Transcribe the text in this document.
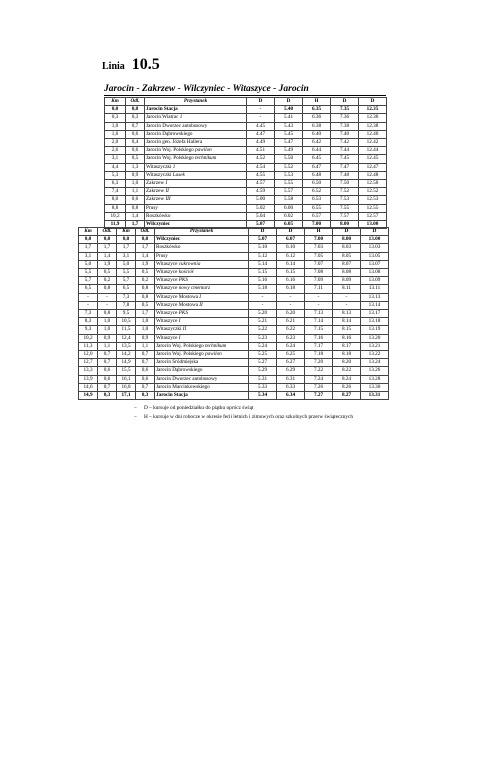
Linia 10.5
Jarocin - Zakrzew - Wilczyniec - Witaszyce - Jarocin
Km	Odl.	Przystanek	D	D	H	D	D
0,0	0,0	Jarocin Stacja	-	5.40	6.35	7.35	12.35
0,3	0,3	Jarocin Wiatrac 1	-	5.41	6.36	7.36	12.36
1,0	0,7	Jarocin Dworzec autobusowy	4.45	5.43	6.38	7.38	12.38
1,6	0,6	Jarocin Dąbrowskiego	4.47	5.45	6.40	7.40	12.40
2,0	0,4	Jarocin gen. Józefa Hallera	4.49	5.47	6.42	7.42	12.42
2,6	0,6	Jarocin Woj. Polskiego pawilon	4.51	5.49	6.44	7.44	12.44
3,1	0,5	Jarocin Woj. Polskiego technikum	4.52	5.50	6.45	7.45	12.45
4,4	1,3	Witaszyczki 1	4.54	5.52	6.47	7.47	12.47
5,3	0,9	Witaszyczki Lasek	4.55	5.53	6.48	7.48	12.48
6,3	1,0	Zakrzew I	4.57	5.55	6.50	7.50	12.50
7,4	1,1	Zakrzew II	4.59	5.57	6.52	7.52	12.52
8,0	0,6	Zakrzew III	5.00	5.58	6.53	7.53	12.53
8,8	0,8	Prusy	5.02	6.00	6.55	7.55	12.55
10,2	1,4	Roszkówko	5.04	6.02	6.57	7.57	12.57
11,9	1,7	Wilczyniec	5.07	6.05	7.00	8.00	13.00
Km	Odl.	Km	Odl.	Przystanek	D	D	H	D	D
0,0	0,0	0,0	0,0	Wilczyniec	5.07	6.07	7.00	8.00	13.00
1,7	1,7	1,7	1,7	Roszkówko	5.10	6.10	7.03	8.03	13.03
3,1	1,4	3,1	1,4	Prusy	5.12	6.12	7.05	8.05	13.05
5,0	1,9	5,0	1,9	Witaszyce cukrownia	5.14	6.14	7.07	8.07	13.07
5,5	0,5	5,5	0,5	Witaszyce kościół	5.15	6.15	7.08	8.08	13.08
5,7	0,2	5,7	0,2	Witaszyce PKS	5.16	6.16	7.09	8.09	13.09
6,5	0,8	6,5	0,8	Witaszyce nowy cmentarz	5.18	6.18	7.11	8.11	13.11
-	-	7,3	0,8	Witaszyce Mostowa I	-	-	-	-	13.13
-	-	7,8	0,5	Witaszyce Mostowa II	-	-	-	-	13.14
7,3	0,8	9,5	1,7	Witaszyce PKS	5.20	6.20	7.13	8.13	13.17
8,3	1,0	10,5	1,0	Witaszyce I	5.21	6.21	7.14	8.14	13.18
9,3	1,0	11,5	1,0	Witaszyczki II	5.22	6.22	7.15	8.15	13.19
10,2	0,9	12,4	0,9	Witaszyce I	5.23	6.23	7.16	8.16	13.20
11,3	1,1	13,5	1,1	Jarocin Woj. Polskiego technikum	5.24	6.24	7.17	8.17	13.21
12,0	0,7	14,2	0,7	Jarocin Woj. Polskiego pawilon	5.25	6.25	7.18	8.18	13.22
12,7	0,7	14,9	0,7	Jarocin Śródmiejska	5.27	6.27	7.20	8.20	13.24
13,3	0,6	15,5	0,6	Jarocin Dąbrowskiego	5.29	6.29	7.22	8.22	13.26
13,9	0,6	16,1	0,6	Jarocin Dworzec autobusowy	5.31	6.31	7.24	8.24	13.28
14,6	0,7	16,8	0,7	Jarocin Marcinkowskiego	5.33	6.33	7.26	8.26	13.30
14,9	0,3	17,1	0,3	Jarocin Stacja	5.34	6.34	7.27	8.27	13.31
–	D – kursuje od poniedziałku do piątku oprócz świąt
–	H – kursuje w dni robocze w okresie ferii letnich i zimowych oraz szkolnych przerw świątecznych
